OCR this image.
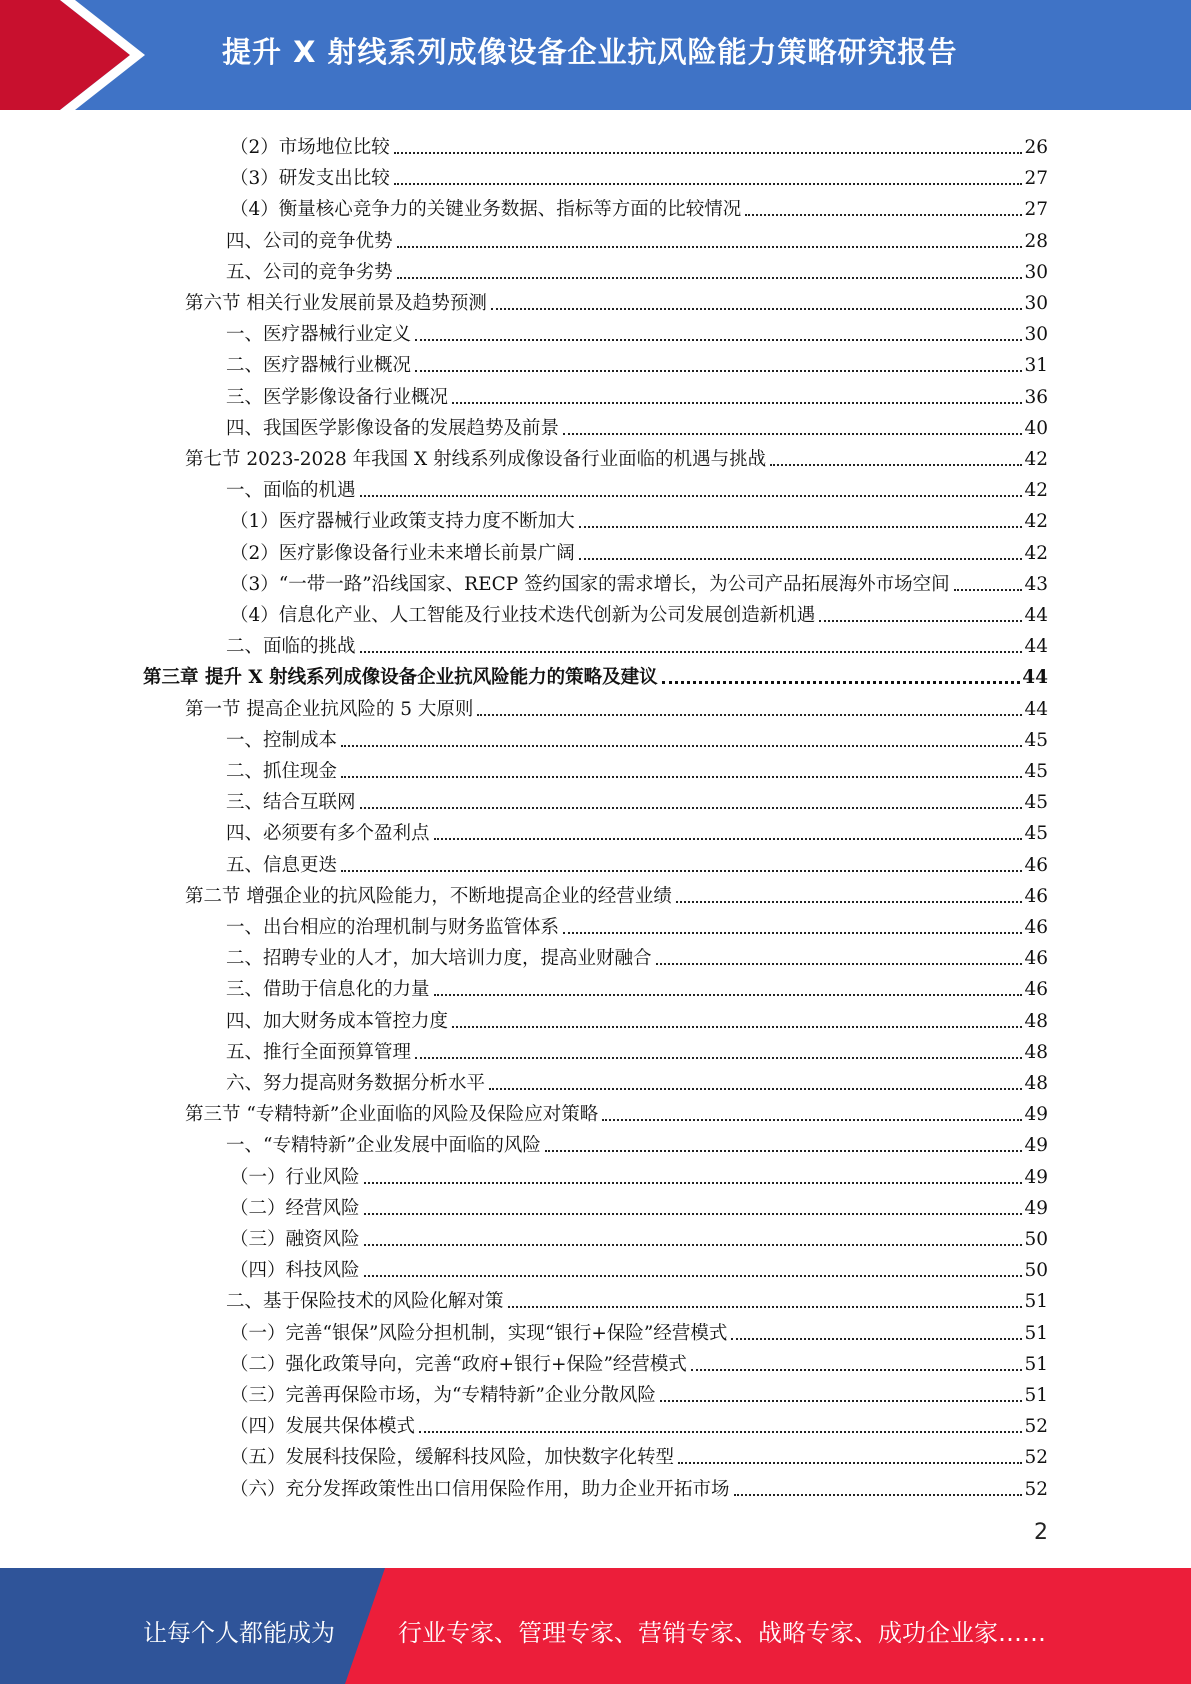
提升 X 射线系列成像设备企业抗风险能力策略研究报告
（2）市场地位比较	26
（3）研发支出比较	27
（4）衡量核心竞争力的关键业务数据、指标等方面的比较情况	27
四、公司的竞争优势	28
五、公司的竞争劣势	30
第六节 相关行业发展前景及趋势预测	30
一、医疗器械行业定义	30
二、医疗器械行业概况	31
三、医学影像设备行业概况	36
四、我国医学影像设备的发展趋势及前景	40
第七节 2023-2028 年我国 X 射线系列成像设备行业面临的机遇与挑战	42
一、面临的机遇	42
（1）医疗器械行业政策支持力度不断加大	42
（2）医疗影像设备行业未来增长前景广阔	42
（3）“一带一路”沿线国家、RECP 签约国家的需求增长，为公司产品拓展海外市场空间	43
（4）信息化产业、人工智能及行业技术迭代创新为公司发展创造新机遇	44
二、面临的挑战	44
第三章 提升 X 射线系列成像设备企业抗风险能力的策略及建议	44
第一节 提高企业抗风险的 5 大原则	44
一、控制成本	45
二、抓住现金	45
三、结合互联网	45
四、必须要有多个盈利点	45
五、信息更迭	46
第二节 增强企业的抗风险能力，不断地提高企业的经营业绩	46
一、出台相应的治理机制与财务监管体系	46
二、招聘专业的人才，加大培训力度，提高业财融合	46
三、借助于信息化的力量	46
四、加大财务成本管控力度	48
五、推行全面预算管理	48
六、努力提高财务数据分析水平	48
第三节 “专精特新”企业面临的风险及保险应对策略	49
一、“专精特新”企业发展中面临的风险	49
（一）行业风险	49
（二）经营风险	49
（三）融资风险	50
（四）科技风险	50
二、基于保险技术的风险化解对策	51
（一）完善“银保”风险分担机制，实现“银行+保险”经营模式	51
（二）强化政策导向，完善“政府+银行+保险”经营模式	51
（三）完善再保险市场，为“专精特新”企业分散风险	51
（四）发展共保体模式	52
（五）发展科技保险，缓解科技风险，加快数字化转型	52
（六）充分发挥政策性出口信用保险作用，助力企业开拓市场	52
2
让每个人都能成为	行业专家、管理专家、营销专家、战略专家、成功企业家……
